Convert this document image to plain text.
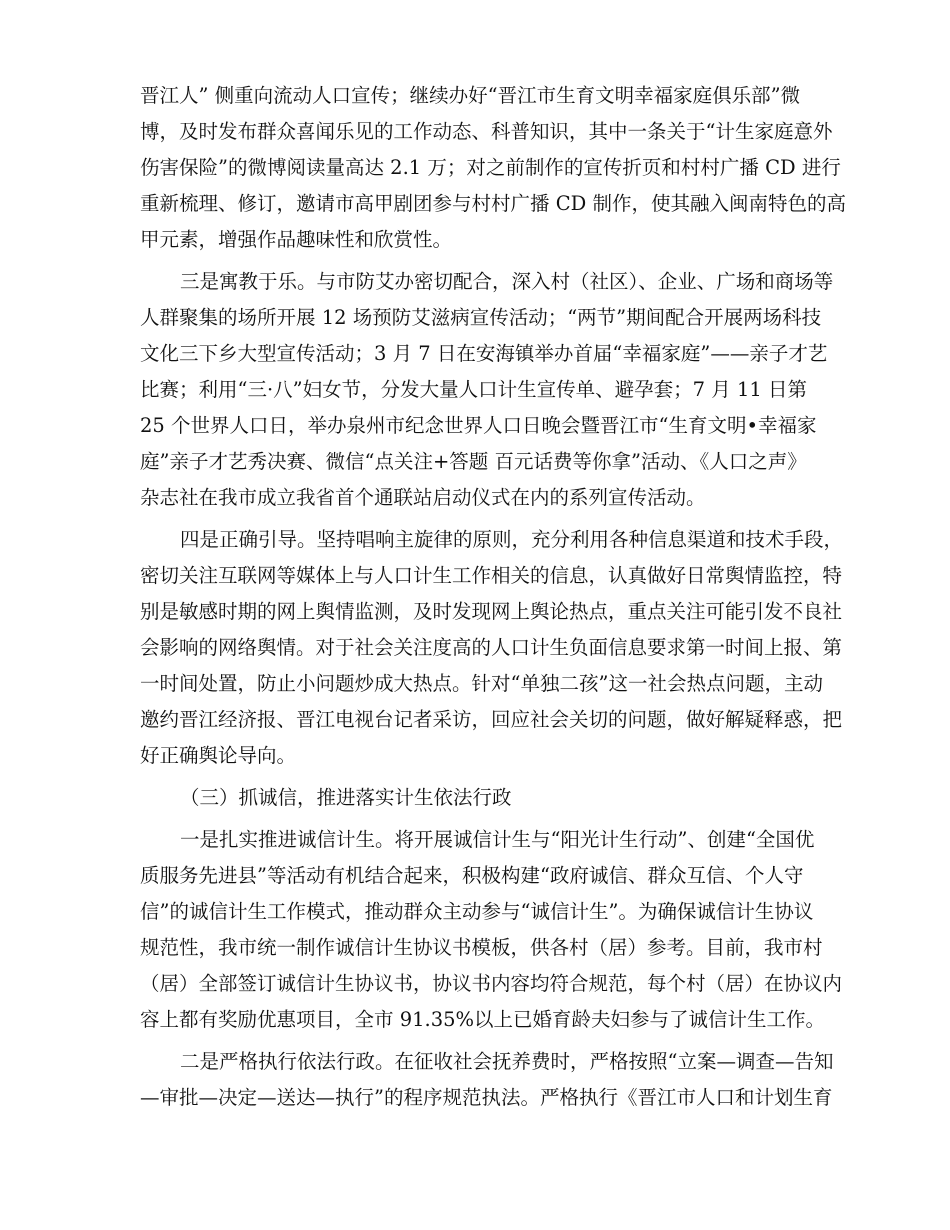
晋江人” 侧重向流动人口宣传；继续办好“晋江市生育文明幸福家庭俱乐部”微
博，及时发布群众喜闻乐见的工作动态、科普知识，其中一条关于“计生家庭意外
伤害保险”的微博阅读量高达 2.1 万；对之前制作的宣传折页和村村广播 CD 进行
重新梳理、修订，邀请市高甲剧团参与村村广播 CD 制作，使其融入闽南特色的高
甲元素，增强作品趣味性和欣赏性。
三是寓教于乐。与市防艾办密切配合，深入村（社区）、企业、广场和商场等
人群聚集的场所开展 12 场预防艾滋病宣传活动；“两节”期间配合开展两场科技
文化三下乡大型宣传活动；3 月 7 日在安海镇举办首届“幸福家庭”——亲子才艺
比赛；利用“三·八”妇女节，分发大量人口计生宣传单、避孕套；7 月 11 日第
25 个世界人口日，举办泉州市纪念世界人口日晚会暨晋江市“生育文明•幸福家
庭”亲子才艺秀决赛、微信“点关注+答题 百元话费等你拿”活动、《人口之声》
杂志社在我市成立我省首个通联站启动仪式在内的系列宣传活动。
四是正确引导。坚持唱响主旋律的原则，充分利用各种信息渠道和技术手段，
密切关注互联网等媒体上与人口计生工作相关的信息，认真做好日常舆情监控，特
别是敏感时期的网上舆情监测，及时发现网上舆论热点，重点关注可能引发不良社
会影响的网络舆情。对于社会关注度高的人口计生负面信息要求第一时间上报、第
一时间处置，防止小问题炒成大热点。针对“单独二孩”这一社会热点问题，主动
邀约晋江经济报、晋江电视台记者采访，回应社会关切的问题，做好解疑释惑，把
好正确舆论导向。
（三）抓诚信，推进落实计生依法行政
一是扎实推进诚信计生。将开展诚信计生与“阳光计生行动”、创建“全国优
质服务先进县”等活动有机结合起来，积极构建“政府诚信、群众互信、个人守
信”的诚信计生工作模式，推动群众主动参与“诚信计生”。为确保诚信计生协议
规范性，我市统一制作诚信计生协议书模板，供各村（居）参考。目前，我市村
（居）全部签订诚信计生协议书，协议书内容均符合规范，每个村（居）在协议内
容上都有奖励优惠项目，全市 91.35%以上已婚育龄夫妇参与了诚信计生工作。
二是严格执行依法行政。在征收社会抚养费时，严格按照“立案—调查—告知
—审批—决定—送达—执行”的程序规范执法。严格执行《晋江市人口和计划生育
